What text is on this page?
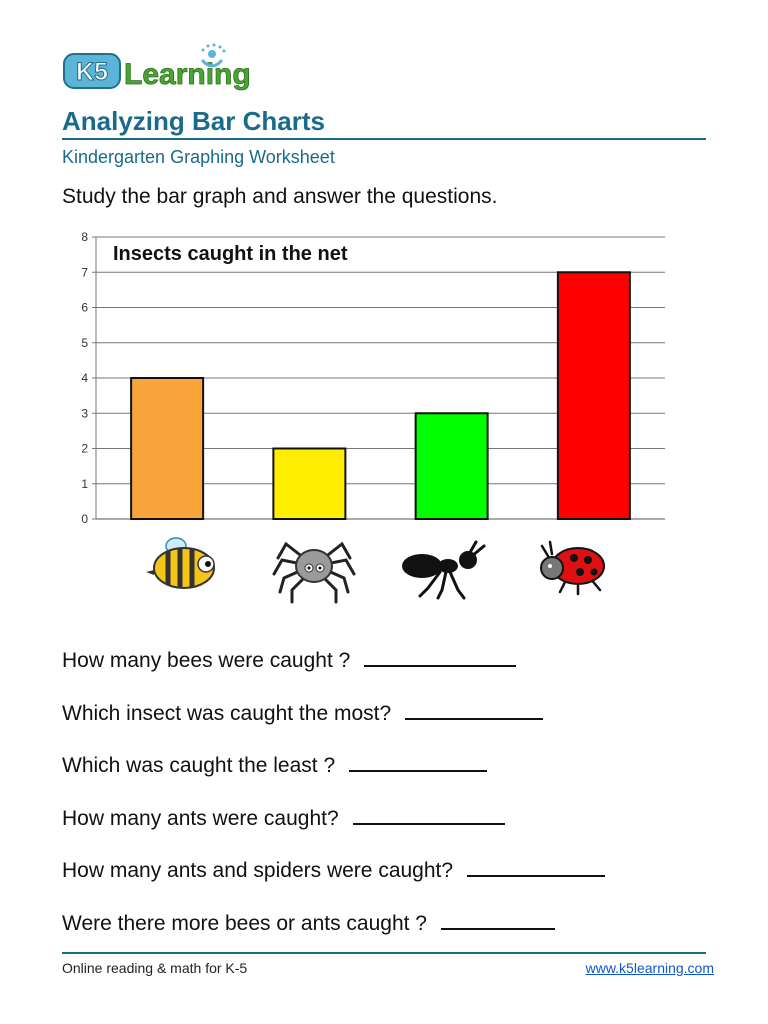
K5 Learning
Analyzing Bar Charts
Kindergarten Graphing Worksheet
Study the bar graph and answer the questions.
0
1
2
3
4
5
6
7
8
Insects caught in the net
How many bees were caught ?
Which insect was caught the most?
Which was caught the least ?
How many ants were caught?
How many ants and spiders were caught?
Were there more bees or ants caught ?
Online reading & math for K-5	www.k5learning.com
